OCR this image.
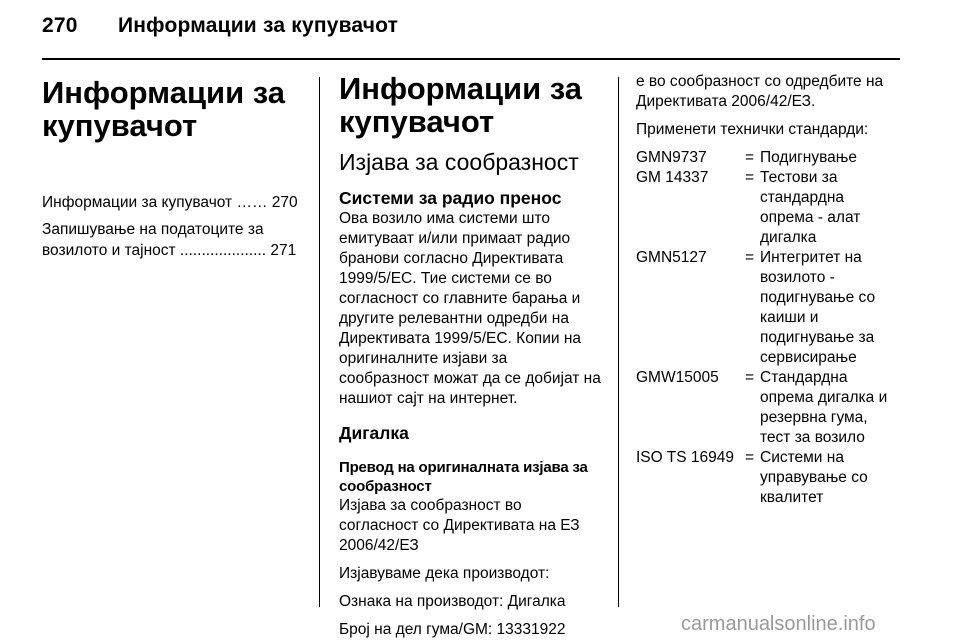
270 Информации за купувачот
Информации за купувачот
Информации за купувачот …… 270
Запишување на податоците за возилото и тајност .................... 271
Информации за купувачот
Изјава за сообразност
Системи за радио пренос

Ова возило има системи што емитуваат и/или примаат радио бранови согласно Директивата 1999/5/ЕС. Тие системи се во согласност со главните барања и другите релевантни одредби на Директивата 1999/5/ЕС. Копии на оригиналните изјави за сообразност можат да се добијат на нашиот сајт на интернет.

Дигалка

Превод на оригиналната изјава за сообразност

Изјава за сообразност во согласност со Директивата на ЕЗ 2006/42/ЕЗ

Изјавуваме дека производот:

Ознака на производот: Дигалка

Број на дел гума/GM: 13331922

е во сообразност со одредбите на Директивата 2006/42/ЕЗ.

Применети технички стандарди:

GMN9737 = Подигнување
GM 14337 = Тестови за стандардна опрема - алат дигалка
GMN5127 = Интегритет на возилото - подигнување со каиши и подигнување за сервисирање
GMW15005 = Стандардна опрема дигалка и резервна гума, тест за возило
ISO TS 16949 = Системи на управување со квалитет
carmanualsonline.info
